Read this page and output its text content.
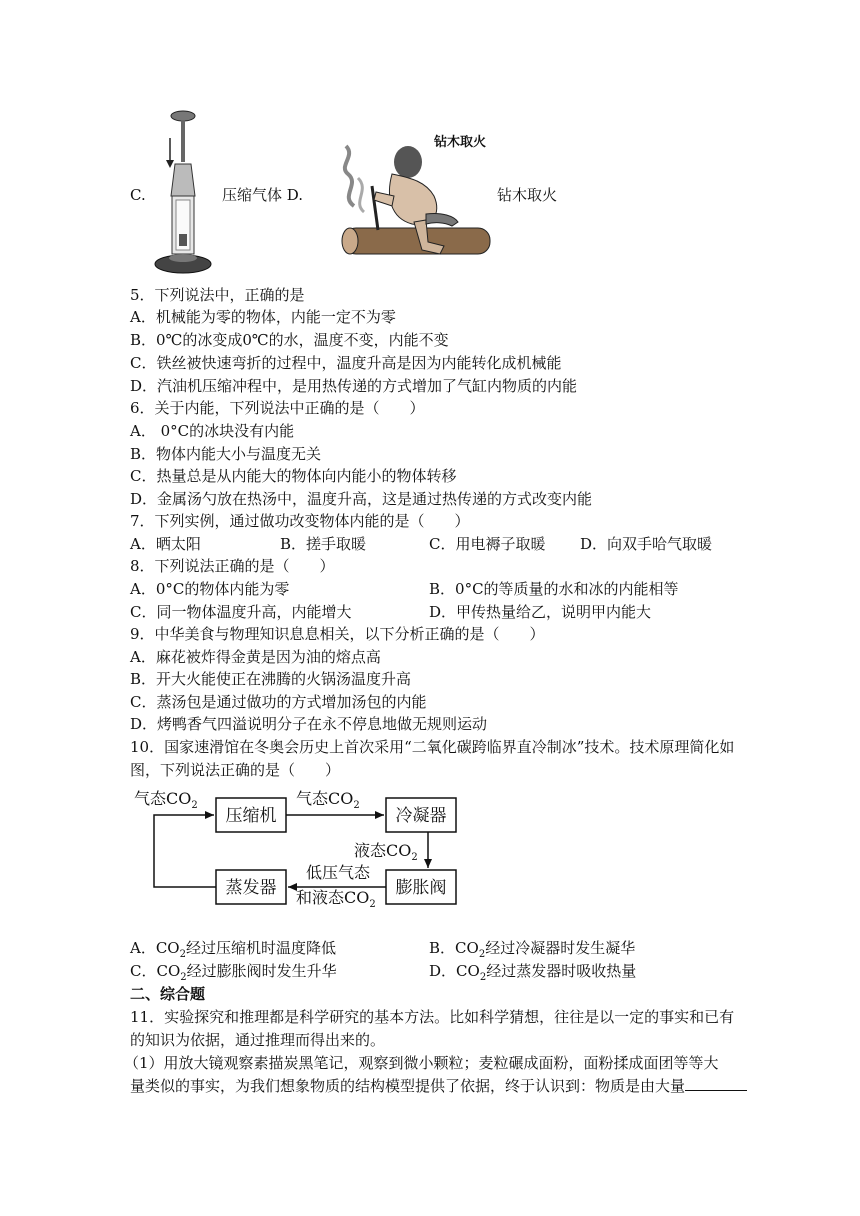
C.	压缩气体 D.
钻木取火
钻木取火
5．下列说法中，正确的是
A．机械能为零的物体，内能一定不为零
B．0℃的冰变成0℃的水，温度不变，内能不变
C．铁丝被快速弯折的过程中，温度升高是因为内能转化成机械能
D．汽油机压缩冲程中，是用热传递的方式增加了气缸内物质的内能
6．关于内能，下列说法中正确的是（　　）
A． 0°C的冰块没有内能
B．物体内能大小与温度无关
C．热量总是从内能大的物体向内能小的物体转移
D．金属汤勺放在热汤中，温度升高，这是通过热传递的方式改变内能
7．下列实例，通过做功改变物体内能的是（　　）
A．晒太阳	B．搓手取暖	C．用电褥子取暖 D．向双手哈气取暖
8．下列说法正确的是（　　）
A．0°C的物体内能为零	B．0°C的等质量的水和冰的内能相等
C．同一物体温度升高，内能增大	D．甲传热量给乙，说明甲内能大
9．中华美食与物理知识息息相关，以下分析正确的是（　　）
A．麻花被炸得金黄是因为油的熔点高
B．开大火能使正在沸腾的火锅汤温度升高
C．蒸汤包是通过做功的方式增加汤包的内能
D．烤鸭香气四溢说明分子在永不停息地做无规则运动
10．国家速滑馆在冬奥会历史上首次采用“二氧化碳跨临界直冷制冰”技术。技术原理简化如
图，下列说法正确的是（　　）
压缩机	冷凝器
膨胀阀
蒸发器
气态$CO_2$	气态$CO_2$
液态$CO_2$
低压气态
和液态$CO_2$
A．$CO_2$经过压缩机时温度降低	B．$CO_2$经过冷凝器时发生凝华
C．$CO_2$经过膨胀阀时发生升华	D．$CO_2$经过蒸发器时吸收热量
二、综合题
11．实验探究和推理都是科学研究的基本方法。比如科学猜想，往往是以一定的事实和已有
的知识为依据，通过推理而得出来的。
（1）用放大镜观察素描炭黑笔记，观察到微小颗粒；麦粒碾成面粉，面粉揉成面团等等大
量类似的事实，为我们想象物质的结构模型提供了依据，终于认识到：物质是由大量
